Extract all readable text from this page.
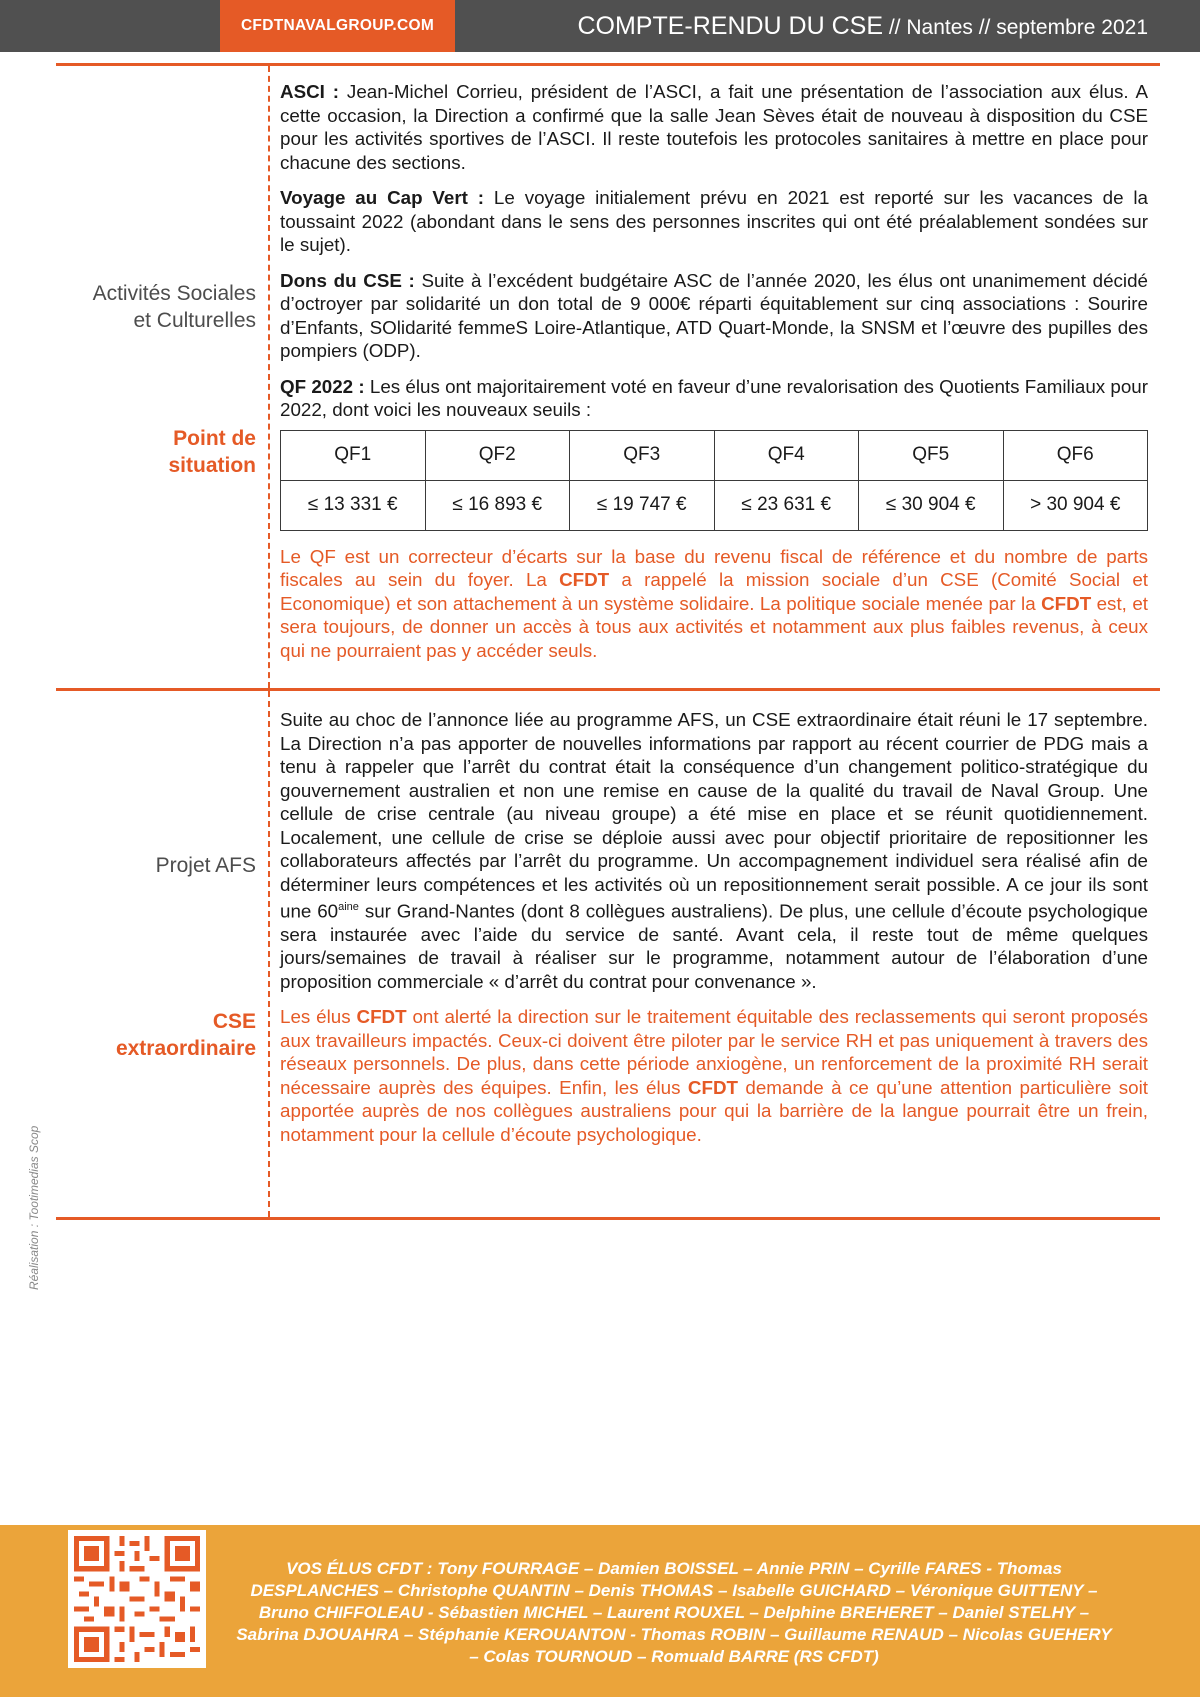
CFDTNAVALGROUP.COM	COMPTE-RENDU DU CSE // Nantes // septembre 2021
Activités Sociales
et Culturelles
Point de
situation

ASCI : Jean-Michel Corrieu, président de l’ASCI, a fait une présentation de l’association aux élus. A cette occasion, la Direction a confirmé que la salle Jean Sèves était de nouveau à disposition du CSE pour les activités sportives de l’ASCI. Il reste toutefois les protocoles sanitaires à mettre en place pour chacune des sections.

Voyage au Cap Vert : Le voyage initialement prévu en 2021 est reporté sur les vacances de la toussaint 2022 (abondant dans le sens des personnes inscrites qui ont été préalablement sondées sur le sujet).

Dons du CSE : Suite à l’excédent budgétaire ASC de l’année 2020, les élus ont unanimement décidé d’octroyer par solidarité un don total de 9 000€ réparti équitablement sur cinq associations : Sourire d’Enfants, SOlidarité femmeS Loire-Atlantique, ATD Quart-Monde, la SNSM et l’œuvre des pupilles des pompiers (ODP).

QF 2022 : Les élus ont majoritairement voté en faveur d’une revalorisation des Quotients Familiaux pour 2022, dont voici les nouveaux seuils :

QF1	QF2	QF3	QF4	QF5	QF6
≤ 13 331 €	≤ 16 893 €	≤ 19 747 €	≤ 23 631 €	≤ 30 904 €	> 30 904 €

Le QF est un correcteur d’écarts sur la base du revenu fiscal de référence et du nombre de parts fiscales au sein du foyer. La CFDT a rappelé la mission sociale d’un CSE (Comité Social et Economique) et son attachement à un système solidaire. La politique sociale menée par la CFDT est, et sera toujours, de donner un accès à tous aux activités et notamment aux plus faibles revenus, à ceux qui ne pourraient pas y accéder seuls.

Projet AFS
CSE
extraordinaire

Suite au choc de l’annonce liée au programme AFS, un CSE extraordinaire était réuni le 17 septembre. La Direction n’a pas apporter de nouvelles informations par rapport au récent courrier de PDG mais a tenu à rappeler que l’arrêt du contrat était la conséquence d’un changement politico-stratégique du gouvernement australien et non une remise en cause de la qualité du travail de Naval Group. Une cellule de crise centrale (au niveau groupe) a été mise en place et se réunit quotidiennement. Localement, une cellule de crise se déploie aussi avec pour objectif prioritaire de repositionner les collaborateurs affectés par l’arrêt du programme. Un accompagnement individuel sera réalisé afin de déterminer leurs compétences et les activités où un repositionnement serait possible. A ce jour ils sont une $60^{aine}$ sur Grand-Nantes (dont 8 collègues australiens). De plus, une cellule d’écoute psychologique sera instaurée avec l’aide du service de santé. Avant cela, il reste tout de même quelques jours/semaines de travail à réaliser sur le programme, notamment autour de l’élaboration d’une proposition commerciale « d’arrêt du contrat pour convenance ».

Les élus CFDT ont alerté la direction sur le traitement équitable des reclassements qui seront proposés aux travailleurs impactés. Ceux-ci doivent être piloter par le service RH et pas uniquement à travers des réseaux personnels. De plus, dans cette période anxiogène, un renforcement de la proximité RH serait nécessaire auprès des équipes. Enfin, les élus CFDT demande à ce qu’une attention particulière soit apportée auprès de nos collègues australiens pour qui la barrière de la langue pourrait être un frein, notamment pour la cellule d’écoute psychologique.

Réalisation : Tootimedias Scop
VOS ÉLUS CFDT : Tony FOURRAGE – Damien BOISSEL – Annie PRIN – Cyrille FARES - Thomas DESPLANCHES – Christophe QUANTIN – Denis THOMAS – Isabelle GUICHARD – Véronique GUITTENY – Bruno CHIFFOLEAU - Sébastien MICHEL – Laurent ROUXEL – Delphine BREHERET – Daniel STELHY – Sabrina DJOUAHRA – Stéphanie KEROUANTON - Thomas ROBIN – Guillaume RENAUD – Nicolas GUEHERY – Colas TOURNOUD – Romuald BARRE (RS CFDT)
